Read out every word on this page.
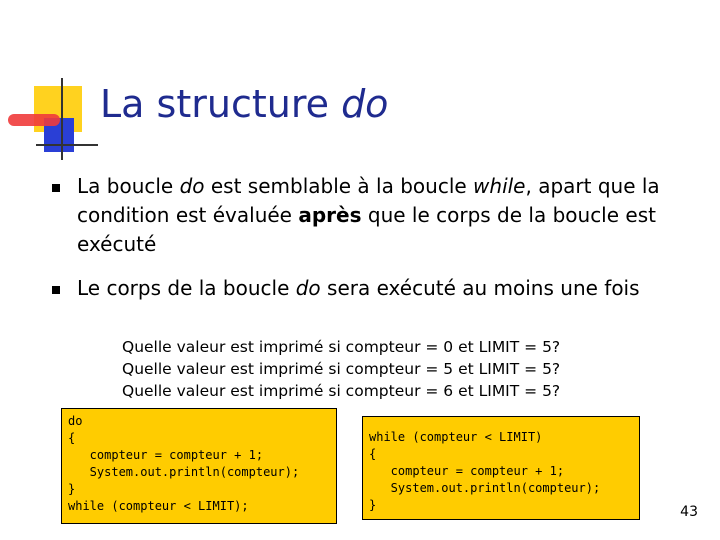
La structure do
La boucle do est semblable à la boucle while, apart que la condition est évaluée après que le corps de la boucle est exécuté
Le corps de la boucle do sera exécuté au moins une fois
Quelle valeur est imprimé si compteur = 0 et LIMIT = 5?
Quelle valeur est imprimé si compteur = 5 et LIMIT = 5?
Quelle valeur est imprimé si compteur = 6 et LIMIT = 5?
do
{
compteur = compteur + 1;
System.out.println(compteur);
}
while (compteur < LIMIT);
while (compteur < LIMIT)
{
compteur = compteur + 1;
System.out.println(compteur);
}	43
